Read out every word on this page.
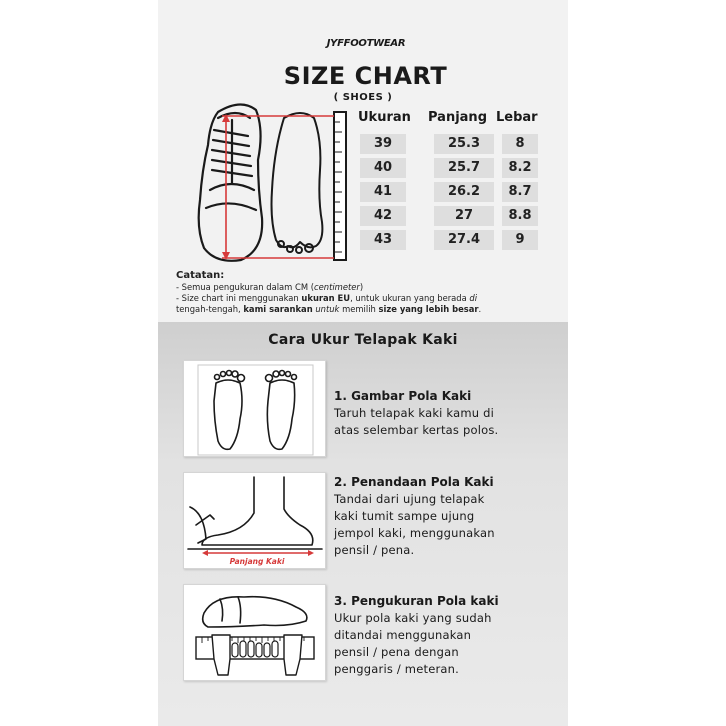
JYFFOOTWEAR
SIZE CHART
( SHOES )
Ukuran Panjang Lebar
39	25.3	8
40	25.7	8.2
41	26.2	8.7
42	27	8.8
43	27.4	9
Catatan:
- Semua pengukuran dalam CM (centimeter)
- Size chart ini menggunakan ukuran EU, untuk ukuran yang berada di
tengah-tengah, kami sarankan untuk memilih size yang lebih besar.
Cara Ukur Telapak Kaki
Panjang Kaki
1. Gambar Pola Kaki
Taruh telapak kaki kamu di
atas selembar kertas polos.
2. Penandaan Pola Kaki
Tandai dari ujung telapak
kaki tumit sampe ujung
jempol kaki, menggunakan
pensil / pena.
3. Pengukuran Pola kaki
Ukur pola kaki yang sudah
ditandai menggunakan
pensil / pena dengan
penggaris / meteran.
